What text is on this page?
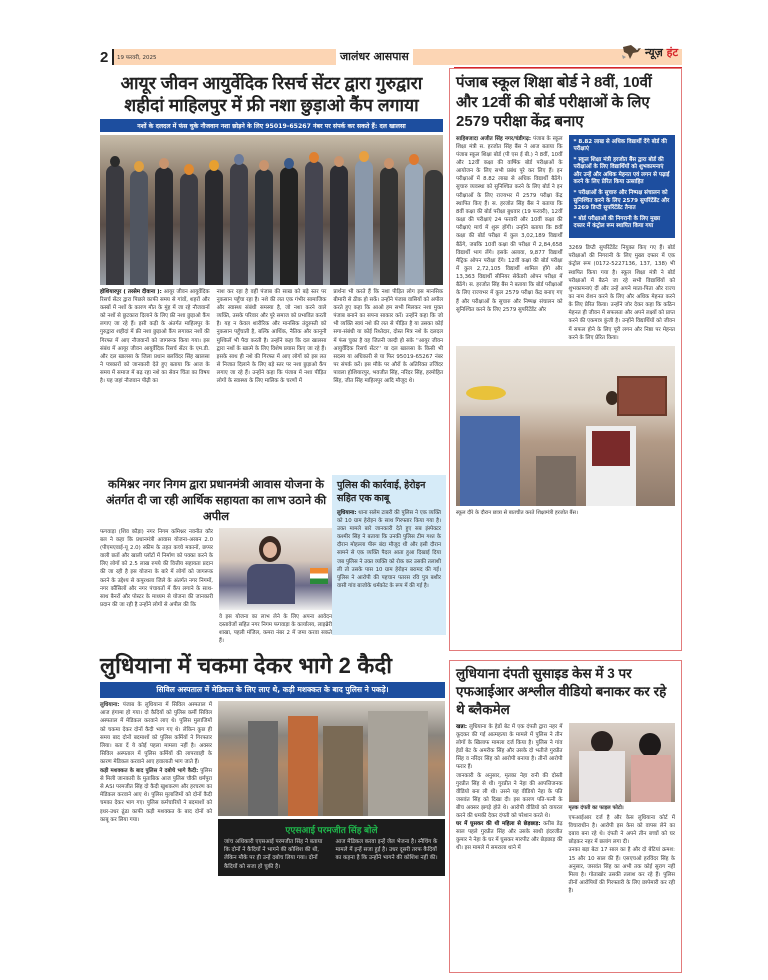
2	19 फरवरी, 2025	जालंधर आसपास	न्यूज़ हंट
आयूर जीवन आयुर्वेदिक रिसर्च सेंटर द्वारा गुरुद्वारा शहीदां माहिलपुर में फ्री नशा छुड़ाओ कैंप लगाया
नशों के दलदल में फंस चुके नौजवान नशा छोड़ने के लिए 95019-65267 नंबर पर संपर्क कर सकते हैं: दल खालसा
होशियारपुर ( तरसेम दीवाना ): आयूर जीवन आयुर्वेदिक रिसर्च सेंटर द्वारा पिछले काफी समय से गांवों, शहरों और कस्बों में नशों के कारण मौत के मुंह में जा रहे नौजवानों को नशों से छुटकारा दिलाने के लिए फ्री नशा छुड़ाओ कैंप लगाए जा रहे हैं। इसी कड़ी के अंतर्गत माहिलपुर के गुरुद्वारा शहीदां में फ्री नशा छुड़ाओ कैंप लगाकर नशों की गिरफ्त में आए नौजवानों को जागरूक किया गया। इस संबंध में आयूर जीवन आयुर्वेदिक रिसर्च सेंटर के एम.डी. और दल खालसा के जिला प्रधान बलविंदर सिंह खालसा ने पत्रकारों को जानकारी देते हुए बताया कि आज के समय में समाज में बढ़ रहा नशे का सेवन चिंता का विषय है। यह जहां नौजवान पीढ़ी का
नाश कर रहा है वहीं पंजाब की साख को बड़े स्तर पर नुकसान पहुँचा रहा है। नशे की लत एक गंभीर सामाजिक और स्वास्थ्य संबंधी समस्या है, जो नशा करने वाले व्यक्ति, उसके परिवार और पूरे समाज को प्रभावित करती है। यह न केवल शारीरिक और मानसिक तंदुरुस्ती को नुकसान पहुँचाती है, बल्कि आर्थिक, नैतिक और कानूनी मुश्किलें भी पैदा करती है। उन्होंने कहा कि दल खालसा द्वारा नशों के खात्मे के लिए विशेष प्रयास किए जा रहे हैं। इसके साथ ही नशे की गिरफ्त में आए लोगों को इस लत से निजात दिलाने के लिए बड़े स्तर पर नशा छुड़ाओ कैंप लगाए जा रहे हैं। उन्होंने कहा कि पंजाब में नशा पीड़ित लोगों के स्वास्थ्य के लिए मालिक के चरणों में
प्रार्थना भी करते हैं कि नशा पीड़ित लोग इस मानसिक बीमारी से ठीक हो सकें। उन्होंने पंजाब वासियों को अपील करते हुए कहा कि आओ हम सभी मिलकर नशा मुक्त पंजाब बनाने का सपना साकार करें। उन्होंने कहा कि जो भी व्यक्ति स्वयं नशे की लत से पीड़ित है या उसका कोई सगा-संबंधी या कोई रिश्तेदार, दोस्त मित्र नशे के दलदल में फंस चुका है वह जितनी जल्दी हो सके ''आयूर जीवन आयुर्वेदिक रिसर्च सेंटर'' या दल खालसा के किसी भी सदस्य या अधिकारी से या फिर 95019-65267 नंबर पर संपर्क करें। इस मौके पर औरों के अतिरिक्त तजिंदर पावला होशियारपुर, भवजीत सिंह, नरिंदर सिंह, हरमोहित सिंह, जीत सिंह माहिलपुर आदि मौजूद थे।
पंजाब स्कूल शिक्षा बोर्ड ने 8वीं, 10वीं और 12वीं की बोर्ड परीक्षाओं के लिए 2579 परीक्षा केंद्र बनाए
साहिबजादा अजीत सिंह नगर/चंडीगढ़: पंजाब के स्कूल शिक्षा मंत्री स. हरजोत सिंह बैंस ने आज बताया कि पंजाब स्कूल शिक्षा बोर्ड (पी एस ई बी.) ने 8वीं, 10वीं और 12वीं कक्षा की वार्षिक बोर्ड परीक्षाओं के आयोजन के लिए सभी प्रबंध पूरे कर लिए हैं। इन परीक्षाओं में 8.82 लाख से अधिक विद्यार्थी बैठेंगे। सुचारु व्यवस्था को सुनिश्चित करने के लिए बोर्ड ने इन परीक्षाओं के लिए राज्यभर में 2579 परीक्षा केंद्र स्थापित किए हैं। स. हरजोत सिंह बैंस ने बताया कि 8वीं कक्षा की बोर्ड परीक्षा बुधवार (19 फरवरी), 12वीं कक्षा की परीक्षाएं 24 फरवरी और 10वीं कक्षा की परीक्षाएं मार्च में शुरू होंगी। उन्होंने बताया कि 8वीं कक्षा की बोर्ड परीक्षा में कुल 3,02,189 विद्यार्थी बैठेंगे, जबकि 10वीं कक्षा की परीक्षा में 2,84,658 विद्यार्थी भाग लेंगे। इसके अलावा, 9,877 विद्यार्थी मैट्रिक ओपन परीक्षा देंगे। 12वीं कक्षा की बोर्ड परीक्षा में कुल 2,72,105 विद्यार्थी शामिल होंगे और 13,363 विद्यार्थी सीनियर सेकेंडरी ओपन परीक्षा में बैठेंगे। स. हरजोत सिंह बैंस ने बताया कि बोर्ड परीक्षाओं के लिए राज्यभर में कुल 2579 परीक्षा केंद्र बनाए गए हैं और परीक्षाओं के सुचारु और निष्पक्ष संचालन को सुनिश्चित करने के लिए 2579 सुपरिंटेंडेंट और

* 8.82 लाख से अधिक विद्यार्थी देंगे बोर्ड की परीक्षाएं

* स्कूल शिक्षा मंत्री हरजोत बैंस द्वारा बोर्ड की परीक्षाओं के लिए विद्यार्थियों को शुभकामनाएं और उन्हें और अधिक मेहनत एवं लगन से पढ़ाई करने के लिए प्रेरित किया उत्साहित

* परीक्षाओं के सुचारु और निष्पक्ष संचालन को सुनिश्चित करने के लिए 2579 सुपरिंटेंडेंट और 3269 डिप्टी सुपरिंटेंडेंट तैनात

* बोर्ड परीक्षाओं की निगरानी के लिए मुख्य दफ्तर में कंट्रोल रूम स्थापित किया गया

3269 डिप्टी सुपरिंटेंडेंट नियुक्त किए गए हैं। बोर्ड परीक्षाओं की निगरानी के लिए मुख्य दफ्तर में एक कंट्रोल रूम (0172-5227136, 137, 138) भी स्थापित किया गया है। स्कूल शिक्षा मंत्री ने बोर्ड परीक्षाओं में बैठने जा रहे सभी विद्यार्थियों को शुभकामनाएं दीं और उन्हें अपने माता-पिता और राज्य का नाम रोशन करने के लिए और अधिक मेहनत करने के लिए प्रेरित किया। उन्होंने जोर देकर कहा कि कठिन मेहनत ही जीवन में सफलता और अपने लक्ष्यों को प्राप्त करने की एकमात्र कुंजी है। उन्होंने विद्यार्थियों को जीवन में सफल होने के लिए पूरी लगन और निष्ठा पर मेहनत करने के लिए प्रेरित किया।
स्कूल दौरे के दौरान छात्रा से बातचीत करते शिक्षामंत्री हरजोत बैंस।
कमिश्नर नगर निगम द्वारा प्रधानमंत्री आवास योजना के अंतर्गत दी जा रही आर्थिक सहायता का लाभ उठाने की अपील
फगवाड़ा (शिव कौड़ा) नगर निगम कमिश्नर नवनीत कौर बल ने कहा कि प्रधानमंत्री आवास योजना-अरबन 2.0 (पीएमएवाई-यू 2.0) स्कीम के तहत कच्चे मकानों, छप्पर वाली छतों और खाली प्लॉटों में निर्माण को पक्का करने के लिए लोगों को 2.5 लाख रुपये की वित्तीय सहायता प्रदान की जा रही है इस योजना के बारे में लोगों को जागरूक करने के उद्देश्य से कपूरथला जिले के अंतर्गत नगर निगमों, नगर कौंसिलों और नगर पंचायतों में कैंप लगाने के साथ-साथ बैनरों और पोस्टर के माध्यम से योजना की जानकारी प्रदान की जा रही है उन्होंने लोगों से अपील की कि
वे इस योजना का लाभ लेने के लिए अपना आवेदन दस्तावेजों सहित नगर निगम फगवाड़ा के कार्यालय, लाइब्रेरी शाखा, पहली मंजिल, कमरा नंबर 2 में जमा करवा सकते हैं।
पुलिस की कार्रवाई, हेरोइन सहित एक काबू
लुधियाना: थाना सलेम टाबरी की पुलिस ने एक व्यक्ति को 10 ग्राम हेरोइन के साथ गिरफ्तार किया गया है। उक्त मामले बारे जानकारी देते हुए सब इंस्पेक्टर कश्मीर सिंह ने बताया कि उनकी पुलिस टीम गश्त के दौरान मोहल्ला पीरू बंदा मौजूद थी और इसी दौरान सामने से एक व्यक्ति पैदल आता हुआ दिखाई दिया जब पुलिस ने उक्त व्यक्ति को रोक कर उसकी तलाशी ली तो उसके पास 10 ग्राम हेरोइन बरामद की गई। पुलिस ने आरोपी की पहचान पतरस रवि पुत्र बशीर वासी गांव बाजोके धर्मकोट के रूप में की गई है।
लुधियाना में चकमा देकर भागे 2 कैदी
सिविल अस्पताल में मेडिकल के लिए लाए थे, कड़ी मशक्कत के बाद पुलिस ने पकड़े।
लुधियाना: पंजाब के लुधियाना में सिविल अस्पताल में आज हंगामा हो गया। दो कैदियों को पुलिस कर्मी सिविल अस्पताल में मेडिकल करवाने लाए थे। पुलिस मुलाजिमों को चकमा देकर दोनों कैदी भाग गए थे। लेकिन कुछ ही समय बाद दोनों बदमाशों को पुलिस कर्मियों ने गिरफ्तार लिया। बता दें ये कोई पहला मामला नहीं है। अक्सर सिविल अस्पताल में पुलिस कर्मियों की लापरवाही के कारण मेडिकल करवाने आए हवालाती भाग जाते हैं।
कड़ी मशक्कत के बाद पुलिस ने दबोचे भागे कैदी: पुलिस से मिली जानकारी के मुताबिक आज पुलिस चौकी धर्मपुरा से ASI परमजीत सिंह दो कैदी खुशकरण और हरचरण का मेडिकल करवाने आए थे। पुलिस मुलाजिमों को दोनों कैदी चमका देकर भाग गए। पुलिस कर्मचारियों ने बदमाशों को इधर-उधर ढूंढा काफी कड़ी मशक्कत के बाद दोनों को काबू कर लिया गया।
एएसआई परमजीत सिंह बोले
जांच अधिकारी एएसआई परमजीत सिंह ने बताया कि दोनों ने कैदियों ने भागने की कोशिश की थी, लेकिन मौके पर ही उन्हें दबोच लिया गया। दोनों कैदियों को सजा हो चुकी है।
आज मेडिकल करवा इन्हें जेल भेजना है। स्नैचिंग के मामले में इन्हें सजा हुई है। उधर दूसरी तरफ कैदियों का कहना है कि उन्होंने भागने की कोशिश नहीं की।
लुधियाना दंपती सुसाइड केस में 3 पर एफआईआर अश्लील वीडियो बनाकर कर रहे थे ब्लैकमेल
खन्ना: लुधियाना के हेडों बेट में एक दंपती द्वारा नहर में कूदकर की गई आत्महत्या के मामले में पुलिस ने तीन लोगों के खिलाफ मामला दर्ज किया है। पुलिस ने गांव हेडों बेट के अमरीक सिंह और उसके दो भतीजे गुरप्रीत सिंह व नरिंदर सिंह को आरोपी बनाया है। तीनों आरोपी फरार हैं।
जानकारी के अनुसार, मृतका नेहा रानी की दोस्ती गुरप्रीत सिंह से थी। गुरप्रीत ने नेहा की आपत्तिजनक वीडियो बना ली थी। उसने यह वीडियो नेहा के पति जसवंत सिंह को दिखा दी। इस कारण पति-पत्नी के बीच अक्सर झगड़े होते थे। आरोपी वीडियो को वायरल करने की धमकी देकर दंपती को परेशान करते थे।
घर में घुसकर की थी महिला से छेड़छाड़: करीब डेढ़ साल पहले गुरप्रीत सिंह और उसके साथी इंदरजीत कुमार ने नेहा के घर में घुसकर मारपीट और छेड़छाड़ की थी। इस मामले में समराला थाने में
मृतक दंपती का फाइल फोटो।
एफआईआर दर्ज है और केस लुधियाना कोर्ट में विचाराधीन है। आरोपी इस केस को वापस लेने का दबाव बना रहे थे। दंपती ने अपने तीन बच्चों को घर छोड़कर नहर में छलांग लगा दी।
उनका बड़ा बेटा 17 साल का है और दो बेटियां क्रमश: 15 और 10 साल की हैं। एसएचओ हरविंदर सिंह के अनुसार, जसवंत सिंह का अभी तक कोई सुराग नहीं मिला है। गोताखोर उसकी तलाश कर रहे हैं। पुलिस तीनों आरोपियों की गिरफ्तारी के लिए छापेमारी कर रही है।
